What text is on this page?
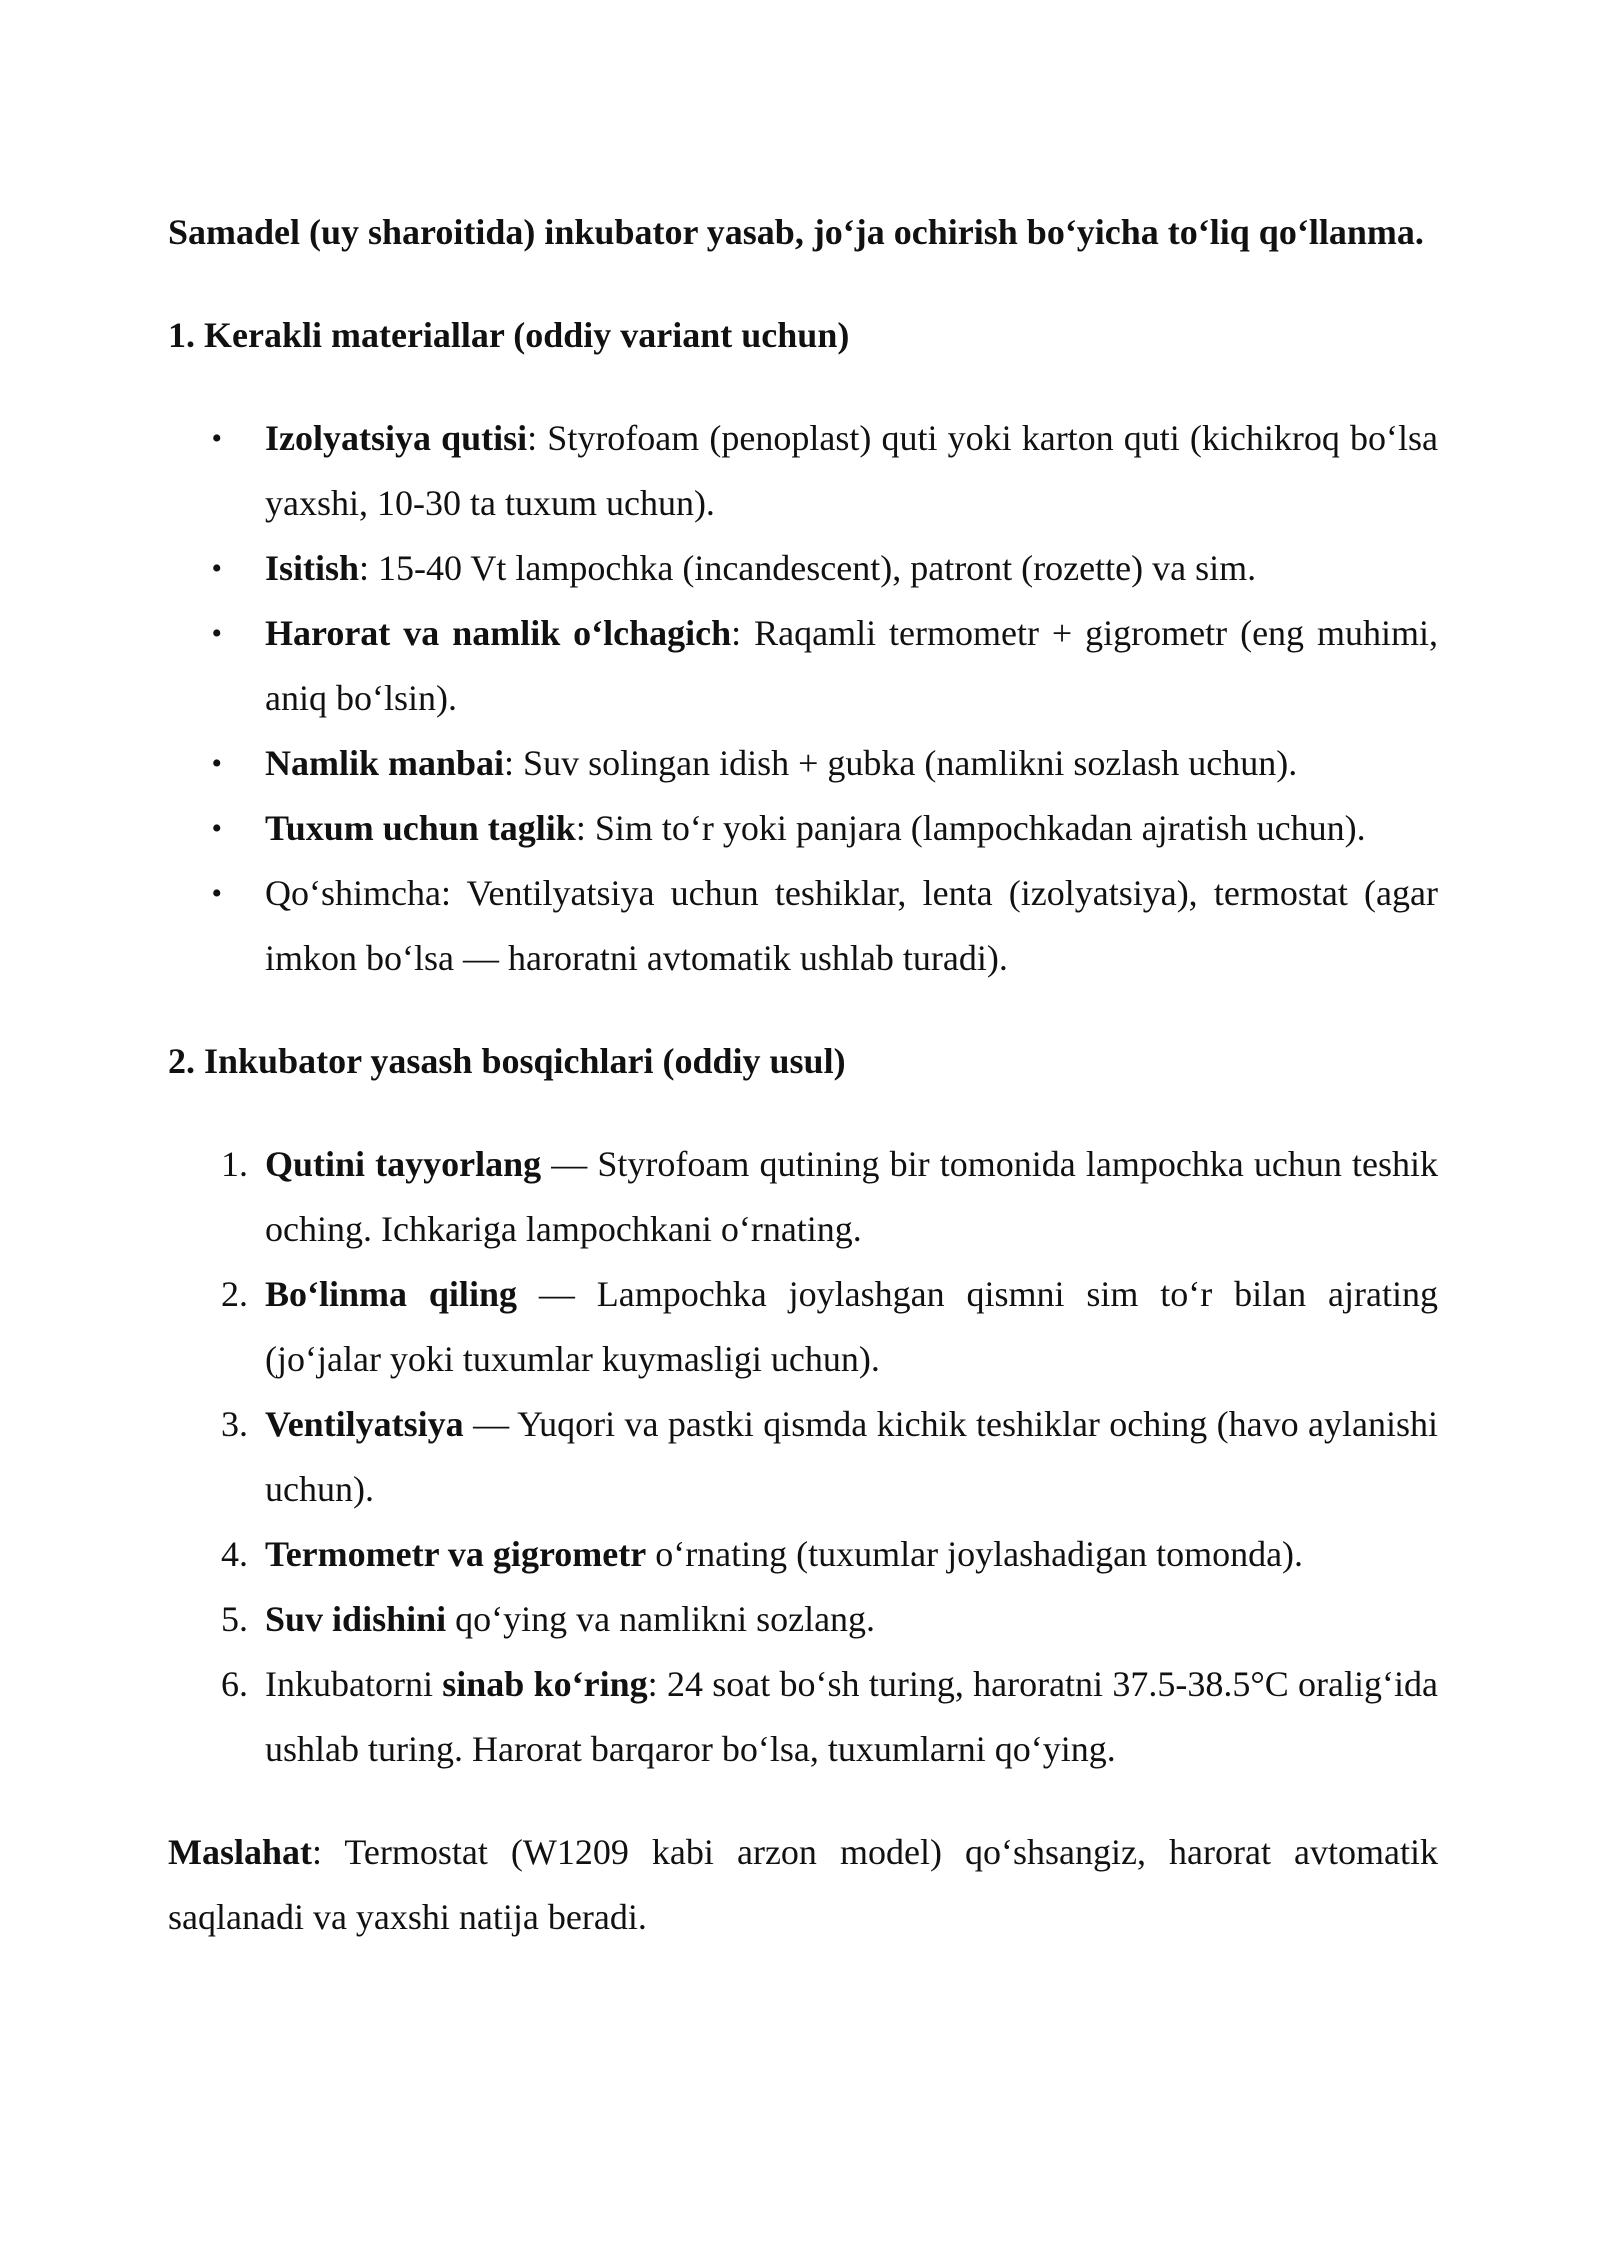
Samadel (uy sharoitida) inkubator yasab, jo‘ja ochirish bo‘yicha to‘liq qo‘llanma.

1. Kerakli materiallar (oddiy variant uchun)

• Izolyatsiya qutisi: Styrofoam (penoplast) quti yoki karton quti (kichikroq bo‘lsa yaxshi, 10-30 ta tuxum uchun).
• Isitish: 15-40 Vt lampochka (incandescent), patront (rozette) va sim.
• Harorat va namlik o‘lchagich: Raqamli termometr + gigrometr (eng muhimi, aniq bo‘lsin).
• Namlik manbai: Suv solingan idish + gubka (namlikni sozlash uchun).
• Tuxum uchun taglik: Sim to‘r yoki panjara (lampochkadan ajratish uchun).
• Qo‘shimcha: Ventilyatsiya uchun teshiklar, lenta (izolyatsiya), termostat (agar imkon bo‘lsa — haroratni avtomatik ushlab turadi).

2. Inkubator yasash bosqichlari (oddiy usul)

1. Qutini tayyorlang — Styrofoam qutining bir tomonida lampochka uchun teshik oching. Ichkariga lampochkani o‘rnating.
2. Bo‘linma qiling — Lampochka joylashgan qismni sim to‘r bilan ajrating (jo‘jalar yoki tuxumlar kuymasligi uchun).
3. Ventilyatsiya — Yuqori va pastki qismda kichik teshiklar oching (havo aylanishi uchun).
4. Termometr va gigrometr o‘rnating (tuxumlar joylashadigan tomonda).
5. Suv idishini qo‘ying va namlikni sozlang.
6. Inkubatorni sinab ko‘ring: 24 soat bo‘sh turing, haroratni 37.5-38.5°C oralig‘ida ushlab turing. Harorat barqaror bo‘lsa, tuxumlarni qo‘ying.

Maslahat: Termostat (W1209 kabi arzon model) qo‘shsangiz, harorat avtomatik saqlanadi va yaxshi natija beradi.
